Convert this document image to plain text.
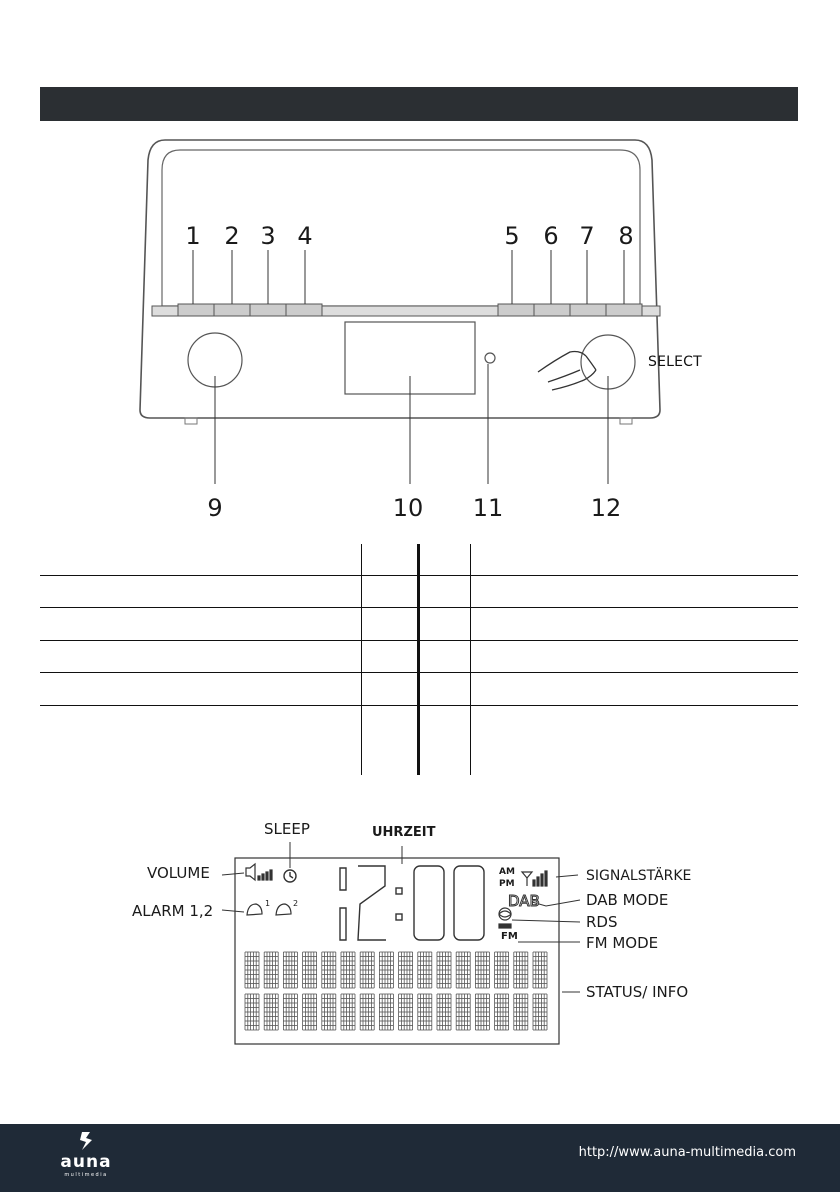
1 2 3 4	5 6 7 8
SELECT
9	10 11	12
DAB
SLEEP	UHRZEIT
VOLUME
ALARM 1,2
SIGNALSTÄRKE
DAB MODE
RDS
FM MODE
STATUS/ INFO
AM
PM
FM
1	2
auna
multimedia
http://www.auna-multimedia.com
